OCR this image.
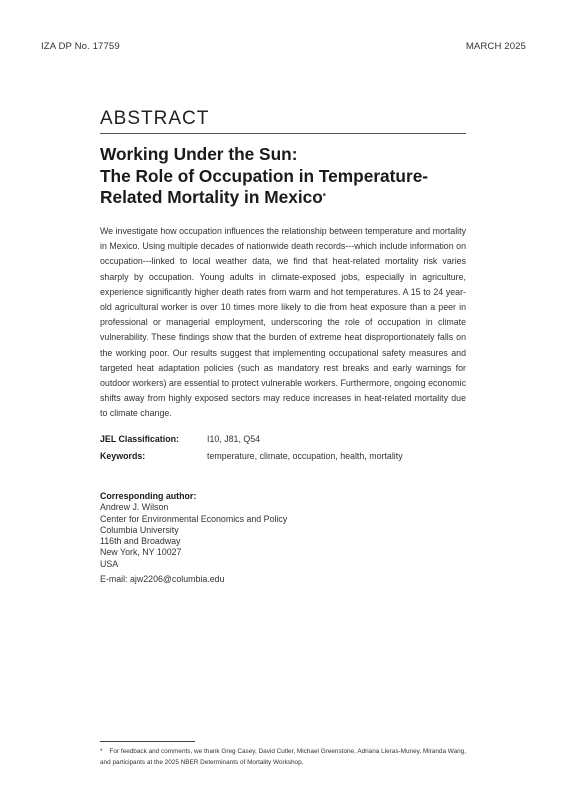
IZA DP No. 17759	MARCH 2025
ABSTRACT
Working Under the Sun:
The Role of Occupation in Temperature-
Related Mortality in Mexico*

We investigate how occupation influences the relationship between temperature and mortality in Mexico. Using multiple decades of nationwide death records---which include information on occupation---linked to local weather data, we find that heat-related mortality risk varies sharply by occupation. Young adults in climate-exposed jobs, especially in agriculture, experience significantly higher death rates from warm and hot temperatures. A 15 to 24 year-old agricultural worker is over 10 times more likely to die from heat exposure than a peer in professional or managerial employment, underscoring the role of occupation in climate vulnerability. These findings show that the burden of extreme heat disproportionately falls on the working poor. Our results suggest that implementing occupational safety measures and targeted heat adaptation policies (such as mandatory rest breaks and early warnings for outdoor workers) are essential to protect vulnerable workers. Furthermore, ongoing economic shifts away from highly exposed sectors may reduce increases in heat-related mortality due to climate change.

JEL Classification:	I10, J81, Q54
Keywords:	temperature, climate, occupation, health, mortality
Corresponding author:
Andrew J. Wilson
Center for Environmental Economics and Policy
Columbia University
116th and Broadway
New York, NY 10027
USA
E-mail: ajw2206@columbia.edu

* For feedback and comments, we thank Greg Casey, David Cutler, Michael Greenstone, Adriana Lleras-Muney, Miranda Wang, and participants at the 2025 NBER Determinants of Mortality Workshop.
